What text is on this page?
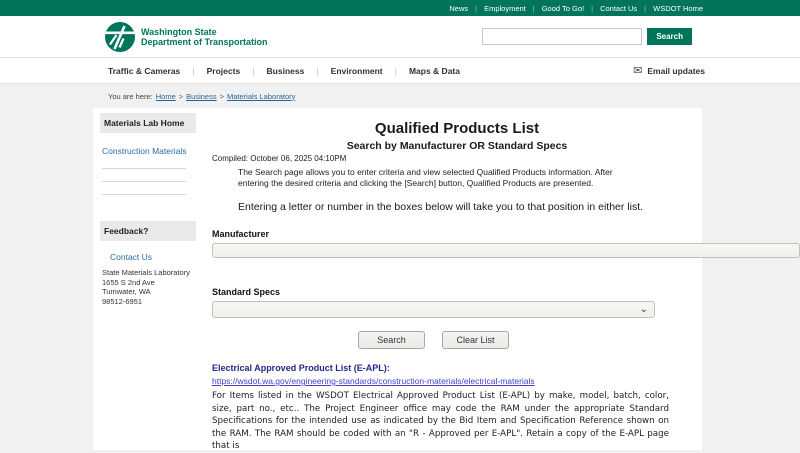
News | Employment | Good To Go! | Contact Us | WSDOT Home
Washington State
Department of Transportation
Search
Traffic & Cameras	|	Projects	|	Business	|	Environment	|	Maps & Data	✉ Email updates
You are here: Home > Business > Materials Laboratory
Materials Lab Home
Construction Materials
Feedback?
Contact Us
State Materials Laboratory
1655 S 2nd Ave
Tumwater, WA
98512-6951
Qualified Products List
Search by Manufacturer OR Standard Specs
Compiled: October 06, 2025 04:10PM

The Search page allows you to enter criteria and view selected Qualified Products information. After entering the desired criteria and clicking the [Search] button, Qualified Products are presented.

Entering a letter or number in the boxes below will take you to that position in either list.

Manufacturer
Standard Specs
⌄
Search	Clear List
Electrical Approved Product List (E-APL):
https://wsdot.wa.gov/engineering-standards/construction-materials/electrical-materials

For Items listed in the WSDOT Electrical Approved Product List (E-APL) by make, model, batch, color, size, part no., etc.. The Project Engineer office may code the RAM under the appropriate Standard Specifications for the intended use as indicated by the Bid Item and Specification Reference shown on the RAM. The RAM should be coded with an "R - Approved per E-APL". Retain a copy of the E-APL page that is
